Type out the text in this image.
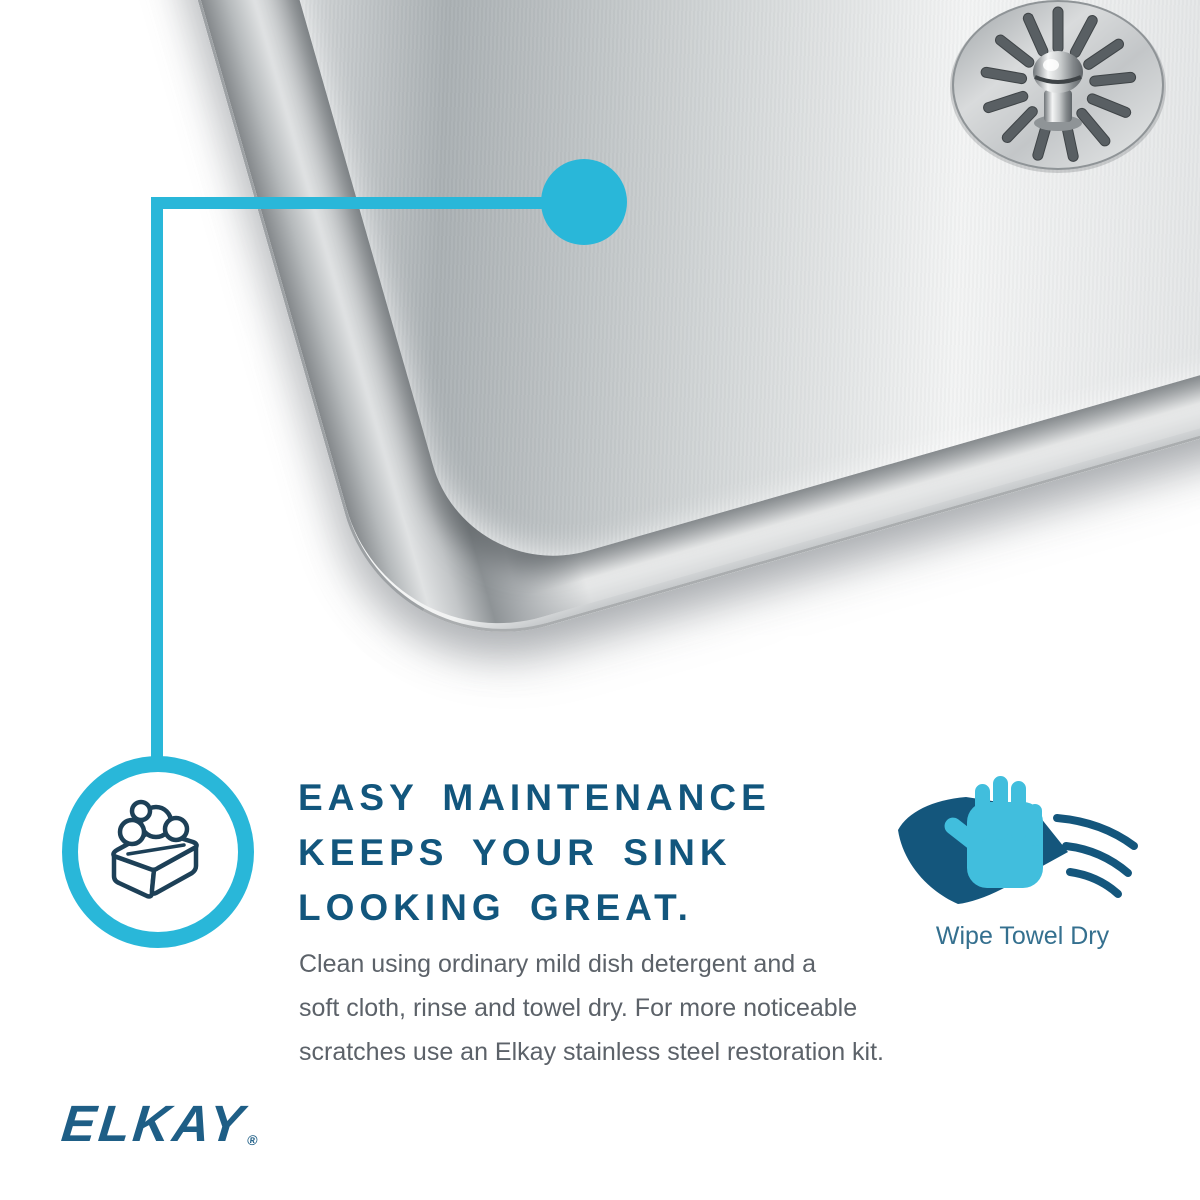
EASY MAINTENANCE
KEEPS YOUR SINK
LOOKING GREAT.
Clean using ordinary mild dish detergent and a
soft cloth, rinse and towel dry. For more noticeable
scratches use an Elkay stainless steel restoration kit.
Wipe Towel Dry
ELKAY
®
